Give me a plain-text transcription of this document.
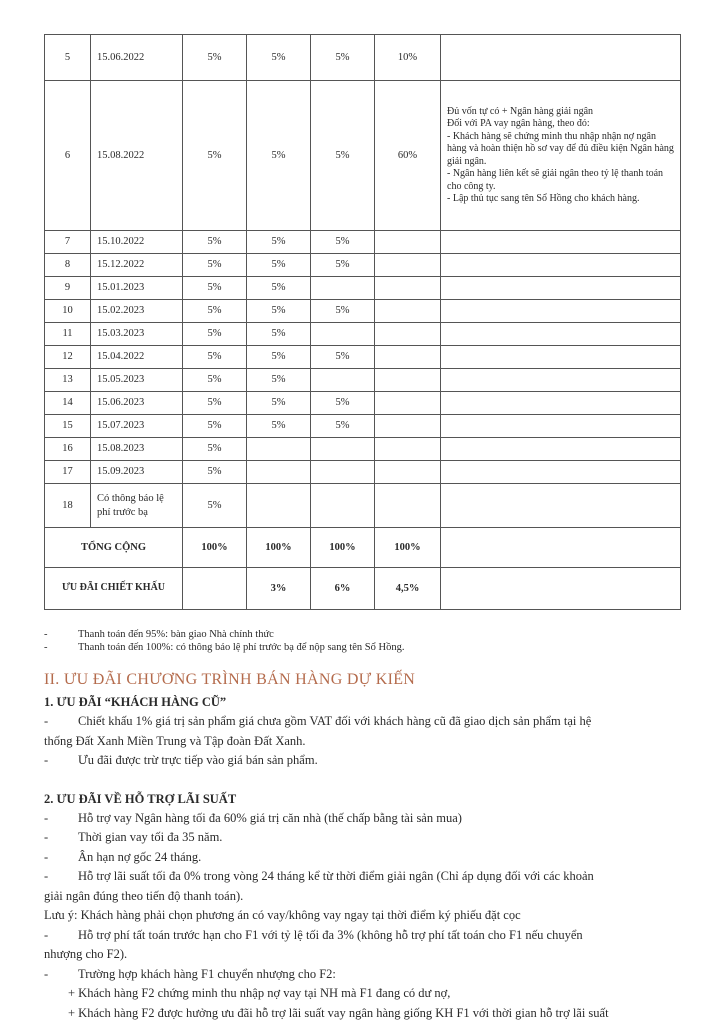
5	15.06.2022	5%	5%	5%	10%	
6	15.08.2022	5%	5%	5%	60%	Đủ vốn tự có + Ngân hàng giải ngân
Đối với PA vay ngân hàng, theo đó:
- Khách hàng sẽ chứng minh thu nhập nhận nợ ngân hàng và hoàn thiện hồ sơ vay để đủ điều kiện Ngân hàng giải ngân.
- Ngân hàng liên kết sẽ giải ngân theo tỷ lệ thanh toán cho công ty.
- Lập thủ tục sang tên Sổ Hồng cho khách hàng.

7	15.10.2022	5%	5%	5%		
8	15.12.2022	5%	5%	5%		
9	15.01.2023	5%	5%			
10	15.02.2023	5%	5%	5%		
11	15.03.2023	5%	5%			
12	15.04.2022	5%	5%	5%		
13	15.05.2023	5%	5%			
14	15.06.2023	5%	5%	5%		
15	15.07.2023	5%	5%	5%		
16	15.08.2023	5%				
17	15.09.2023	5%				
18	Có thông báo lệ phí trước bạ	5%				
TỔNG CỘNG		100%	100%	100%	100%	
ƯU ĐÃI CHIẾT KHẤU			3%	6%	4,5%	
-	Thanh toán đến 95%: bàn giao Nhà chính thức
-	Thanh toán đến 100%: có thông báo lệ phí trước bạ để nộp sang tên Sổ Hồng.
II. ƯU ĐÃI CHƯƠNG TRÌNH BÁN HÀNG DỰ KIẾN
1. ƯU ĐÃI “KHÁCH HÀNG CŨ”
- Chiết khấu 1% giá trị sản phẩm giá chưa gồm VAT đối với khách hàng cũ đã giao dịch sản phẩm tại hệ
thống Đất Xanh Miền Trung và Tập đoàn Đất Xanh.
- Ưu đãi được trừ trực tiếp vào giá bán sản phẩm.
2. ƯU ĐÃI VỀ HỖ TRỢ LÃI SUẤT
- Hỗ trợ vay Ngân hàng tối đa 60% giá trị căn nhà (thế chấp bằng tài sản mua)
- Thời gian vay tối đa 35 năm.
- Ân hạn nợ gốc 24 tháng.
- Hỗ trợ lãi suất tối đa 0% trong vòng 24 tháng kể từ thời điểm giải ngân (Chỉ áp dụng đối với các khoản
giải ngân đúng theo tiến độ thanh toán).
Lưu ý: Khách hàng phải chọn phương án có vay/không vay ngay tại thời điểm ký phiếu đặt cọc
- Hỗ trợ phí tất toán trước hạn cho F1 với tỷ lệ tối đa 3% (không hỗ trợ phí tất toán cho F1 nếu chuyển
nhượng cho F2).
- Trường hợp khách hàng F1 chuyển nhượng cho F2:
+ Khách hàng F2 chứng minh thu nhập nợ vay tại NH mà F1 đang có dư nợ,
+ Khách hàng F2 được hưởng ưu đãi hỗ trợ lãi suất vay ngân hàng giống KH F1 với thời gian hỗ trợ lãi suất
